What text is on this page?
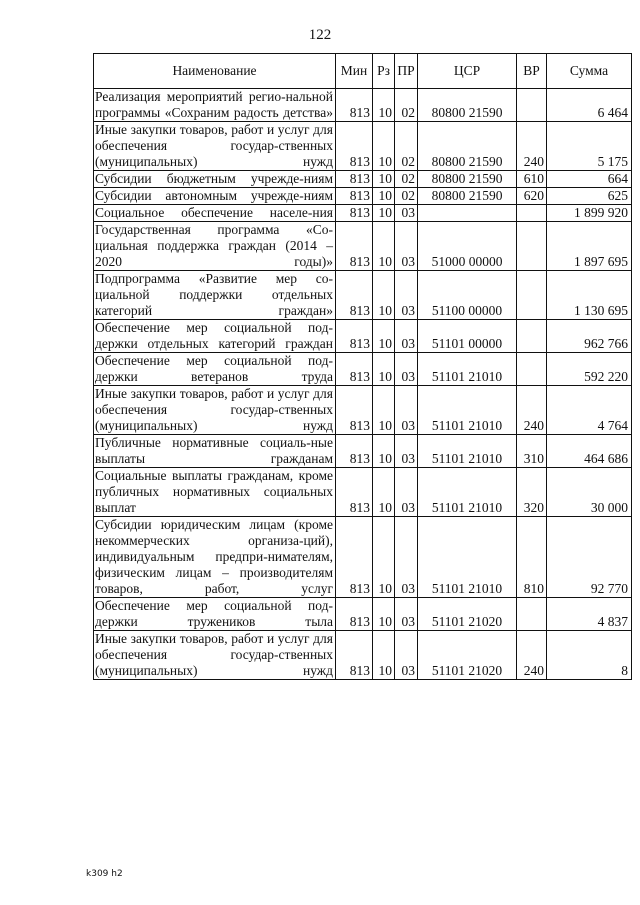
122
Наименование	Мин	Рз	ПР	ЦСР	ВР	Сумма
Реализация мероприятий регио-нальной программы «Сохраним радость детства»	813	10	02	80800 21590		6 464
Иные закупки товаров, работ и услуг для обеспечения государ-ственных (муниципальных) нужд	813	10	02	80800 21590	240	5 175
Субсидии бюджетным учрежде-ниям	813	10	02	80800 21590	610	664
Субсидии автономным учрежде-ниям	813	10	02	80800 21590	620	625
Социальное обеспечение населе-ния	813	10	03			1 899 920
Государственная программа «Со-циальная поддержка граждан (2014 – 2020 годы)»	813	10	03	51000 00000		1 897 695
Подпрограмма «Развитие мер со-циальной поддержки отдельных категорий граждан»	813	10	03	51100 00000		1 130 695
Обеспечение мер социальной под-держки отдельных категорий граждан	813	10	03	51101 00000		962 766
Обеспечение мер социальной под-держки ветеранов труда	813	10	03	51101 21010		592 220
Иные закупки товаров, работ и услуг для обеспечения государ-ственных (муниципальных) нужд	813	10	03	51101 21010	240	4 764
Публичные нормативные социаль-ные выплаты гражданам	813	10	03	51101 21010	310	464 686
Социальные выплаты гражданам, кроме публичных нормативных социальных выплат	813	10	03	51101 21010	320	30 000
Субсидии юридическим лицам (кроме некоммерческих организа-ций), индивидуальным предпри-нимателям, физическим лицам – производителям товаров, работ, услуг	813	10	03	51101 21010	810	92 770
Обеспечение мер социальной под-держки тружеников тыла	813	10	03	51101 21020		4 837
Иные закупки товаров, работ и услуг для обеспечения государ-ственных (муниципальных) нужд	813	10	03	51101 21020	240	8
k309 h2
